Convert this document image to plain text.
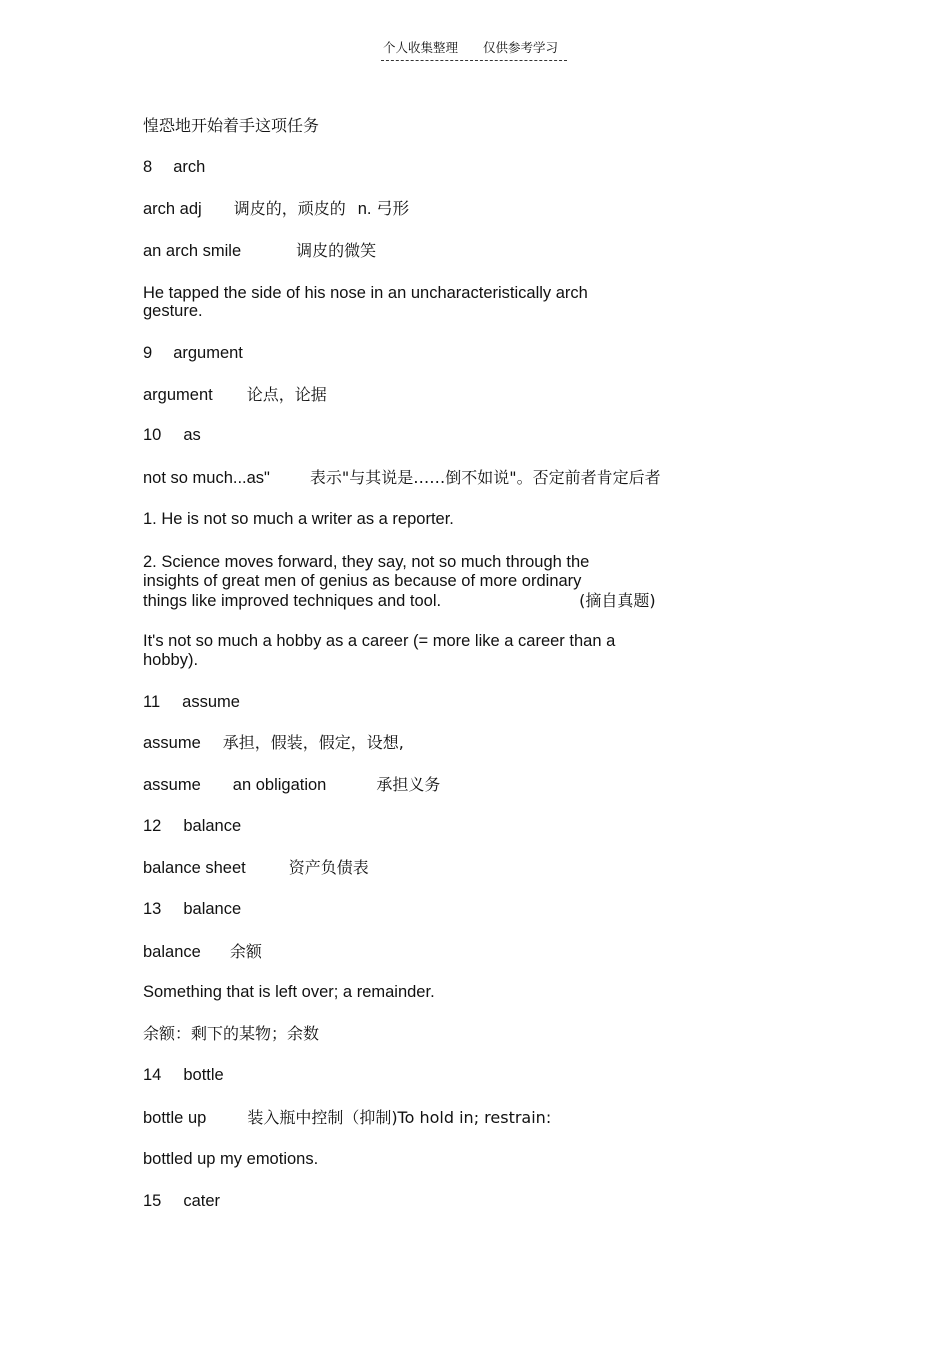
个人收集整理 仅供参考学习
惶恐地开始着手这项任务
8 arch
arch adj 调皮的，顽皮的 n. 弓形
an arch smile	调皮的微笑
He tapped the side of his nose in an uncharacteristically arch
gesture.
9 argument
argument 论点，论据
10 as
not so much...as"	表示"与其说是……倒不如说"。否定前者肯定后者
1. He is not so much a writer as a reporter.
2. Science moves forward, they say, not so much through the
insights of great men of genius as because of more ordinary
things like improved techniques and tool.	(摘自真题)
It's not so much a hobby as a career (= more like a career than a
hobby).
11 assume
assume 承担，假装，假定，设想,
assume an obligation	承担义务
12 balance
balance sheet	资产负债表
13 balance
balance 余额
Something that is left over; a remainder.
余额：剩下的某物；余数
14 bottle
bottle up	装入瓶中控制（抑制)To hold in; restrain:
bottled up my emotions.
15 cater
